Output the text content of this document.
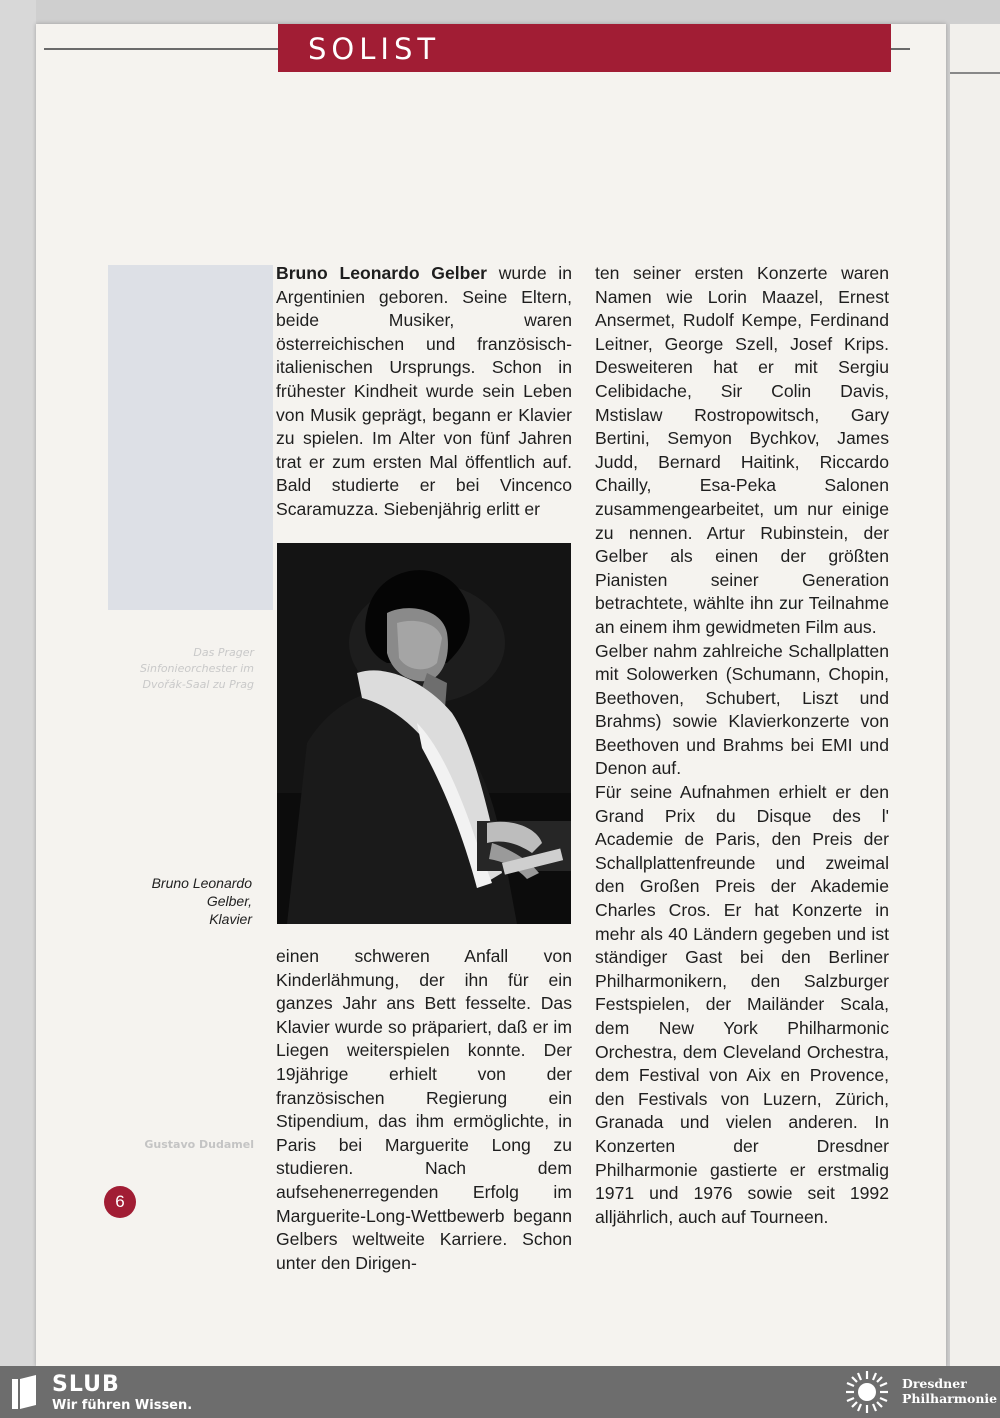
SOLIST
Das Prager Sinfonieorchester im Dvořák-Saal zu Prag
Gustavo Dudamel

Bruno Leonardo Gelber wurde in Argentinien geboren. Seine Eltern, beide Musiker, waren österreichischen und französisch-italienischen Ursprungs. Schon in frühester Kindheit wurde sein Leben von Musik geprägt, begann er Klavier zu spielen. Im Alter von fünf Jahren trat er zum ersten Mal öffentlich auf. Bald studierte er bei Vincenco Scaramuzza. Siebenjährig erlitt er

Bruno Leonardo
Gelber,
Klavier

einen schweren Anfall von Kinderlähmung, der ihn für ein ganzes Jahr ans Bett fesselte. Das Klavier wurde so präpariert, daß er im Liegen weiterspielen konnte. Der 19jährige erhielt von der französischen Regierung ein Stipendium, das ihm ermöglichte, in Paris bei Marguerite Long zu studieren. Nach dem aufsehenerregenden Erfolg im Marguerite-Long-Wettbewerb begann Gelbers weltweite Karriere. Schon unter den Dirigen-

ten seiner ersten Konzerte waren Namen wie Lorin Maazel, Ernest Ansermet, Rudolf Kempe, Ferdinand Leitner, George Szell, Josef Krips. Desweiteren hat er mit Sergiu Celibidache, Sir Colin Davis, Mstislaw Rostropowitsch, Gary Bertini, Semyon Bychkov, James Judd, Bernard Haitink, Riccardo Chailly, Esa-Peka Salonen zusammengearbeitet, um nur einige zu nennen. Artur Rubinstein, der Gelber als einen der größten Pianisten seiner Generation betrachtete, wählte ihn zur Teilnahme an einem ihm gewidmeten Film aus.

Gelber nahm zahlreiche Schallplatten mit Solowerken (Schumann, Chopin, Beethoven, Schubert, Liszt und Brahms) sowie Klavierkonzerte von Beethoven und Brahms bei EMI und Denon auf.

Für seine Aufnahmen erhielt er den Grand Prix du Disque des l' Academie de Paris, den Preis der Schallplattenfreunde und zweimal den Großen Preis der Akademie Charles Cros. Er hat Konzerte in mehr als 40 Ländern gegeben und ist ständiger Gast bei den Berliner Philharmonikern, den Salzburger Festspielen, der Mailänder Scala, dem New York Philharmonic Orchestra, dem Cleveland Orchestra, dem Festival von Aix en Provence, den Festivals von Luzern, Zürich, Granada und vielen anderen. In Konzerten der Dresdner Philharmonie gastierte er erstmalig 1971 und 1976 sowie seit 1992 alljährlich, auch auf Tourneen.

6
SLUB
Wir führen Wissen.
Dresdner
Philharmonie
